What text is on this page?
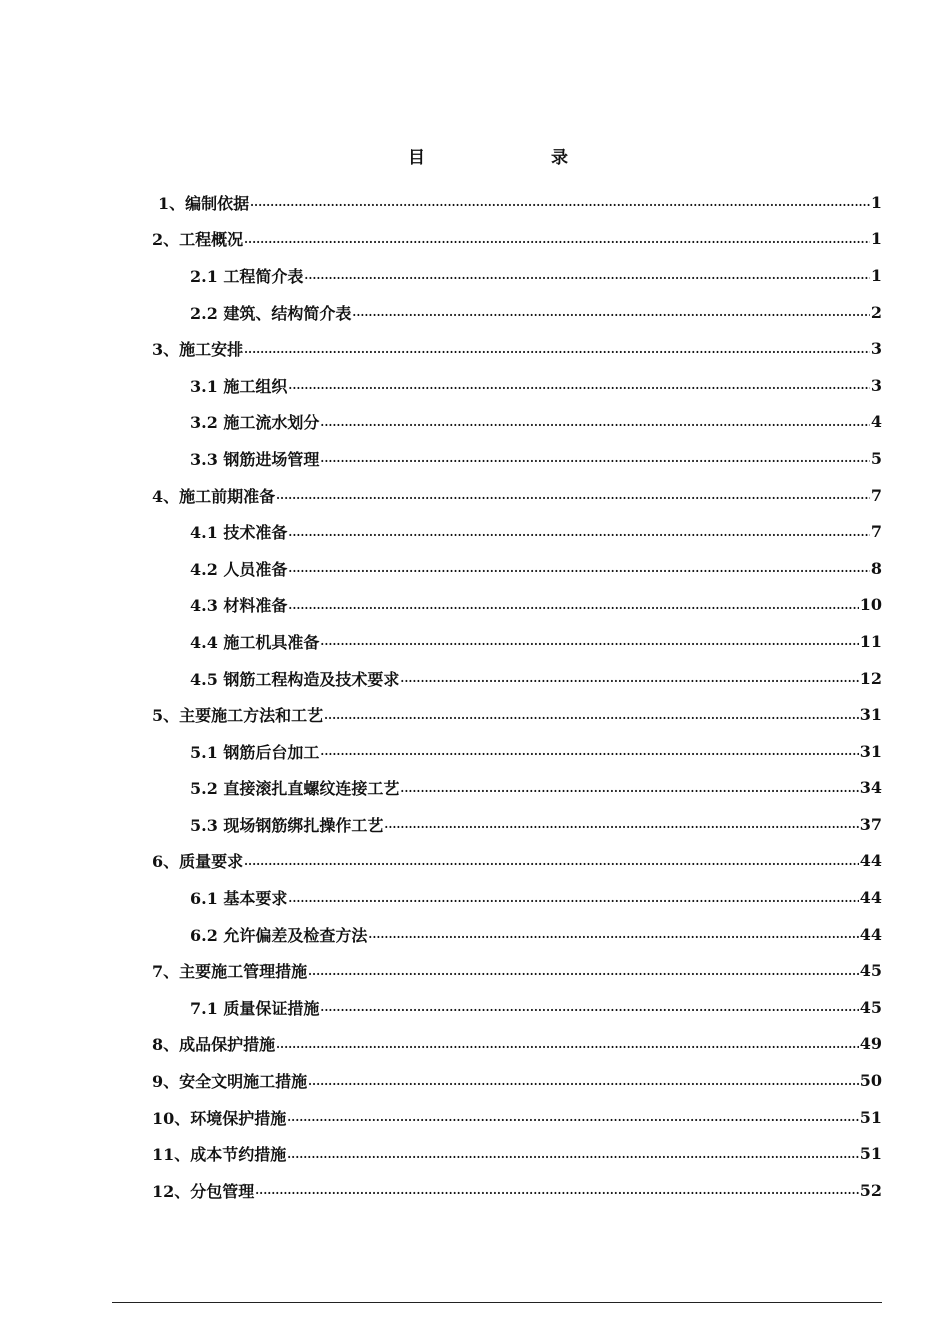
目 录
1、编制依据 .....	1
2、工程概况 .....	1
2.1 工程简介表 .....	1
2.2 建筑、结构简介表 .....	2
3、施工安排 .....	3
3.1 施工组织 .....	3
3.2 施工流水划分 .....	4
3.3 钢筋进场管理 .....	5
4、施工前期准备 .....	7
4.1 技术准备 .....	7
4.2 人员准备 .....	8
4.3 材料准备 .....	10
4.4 施工机具准备 .....	11
4.5 钢筋工程构造及技术要求 .....	12
5、主要施工方法和工艺 .....	31
5.1 钢筋后台加工 .....	31
5.2 直接滚扎直螺纹连接工艺 .....	34
5.3 现场钢筋绑扎操作工艺 .....	37
6、质量要求 .....	44
6.1 基本要求 .....	44
6.2 允许偏差及检查方法 .....	44
7、主要施工管理措施 .....	45
7.1 质量保证措施 .....	45
8、成品保护措施 .....	49
9、安全文明施工措施 .....	50
10、环境保护措施 .....	51
11、成本节约措施 .....	51
12、分包管理 .....	52
